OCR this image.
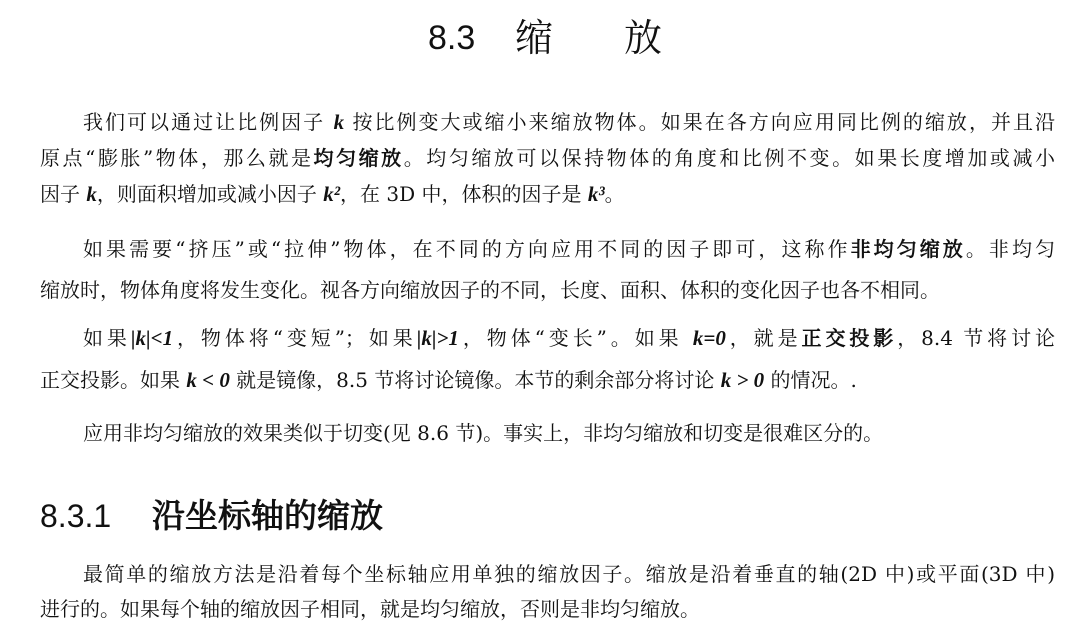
8.3 缩 放
我们可以通过让比例因子 k 按比例变大或缩小来缩放物体。如果在各方向应用同比例的缩放，并且沿
原点“膨胀”物体，那么就是均匀缩放。均匀缩放可以保持物体的角度和比例不变。如果长度增加或减小
因子 k，则面积增加或减小因子 k²，在 3D 中，体积的因子是 k³。
如果需要“挤压”或“拉伸”物体，在不同的方向应用不同的因子即可，这称作非均匀缩放。非均匀
缩放时，物体角度将发生变化。视各方向缩放因子的不同，长度、面积、体积的变化因子也各不相同。
如果|k|<1，物体将“变短”；如果|k|>1，物体“变长”。如果 k=0，就是正交投影，8.4 节将讨论
正交投影。如果 k < 0 就是镜像，8.5 节将讨论镜像。本节的剩余部分将讨论 k > 0 的情况。.
应用非均匀缩放的效果类似于切变(见 8.6 节)。事实上，非均匀缩放和切变是很难区分的。
8.3.1 沿坐标轴的缩放
最简单的缩放方法是沿着每个坐标轴应用单独的缩放因子。缩放是沿着垂直的轴(2D 中)或平面(3D 中)
进行的。如果每个轴的缩放因子相同，就是均匀缩放，否则是非均匀缩放。
